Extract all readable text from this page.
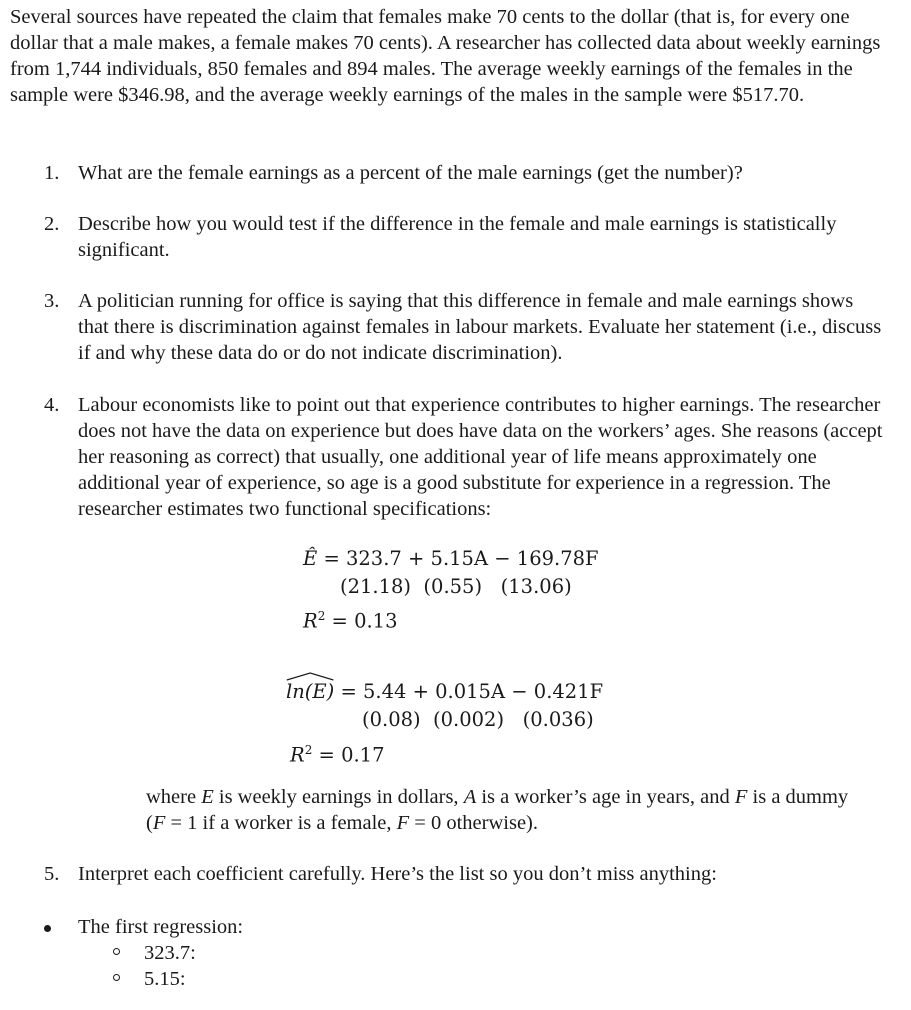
Several sources have repeated the claim that females make 70 cents to the dollar (that is, for every one dollar that a male makes, a female makes 70 cents). A researcher has collected data about weekly earnings from 1,744 individuals, 850 females and 894 males. The average weekly earnings of the females in the sample were $346.98, and the average weekly earnings of the males in the sample were $517.70.

1. What are the female earnings as a percent of the male earnings (get the number)?
2. Describe how you would test if the difference in the female and male earnings is statistically significant.
3. A politician running for office is saying that this difference in female and male earnings shows that there is discrimination against females in labour markets. Evaluate her statement (i.e., discuss if and why these data do or do not indicate discrimination).
4. Labour economists like to point out that experience contributes to higher earnings. The researcher does not have the data on experience but does have data on the workers’ ages. She reasons (accept her reasoning as correct) that usually, one additional year of life means approximately one additional year of experience, so age is a good substitute for experience in a regression. The researcher estimates two functional specifications:
Ê = 323.7 + 5.15A − 169.78F
(21.18)  (0.55)   (13.06)
$R^2 = 0.13$
ln(E) = 5.44 + 0.015A − 0.421F
(0.08)  (0.002)   (0.036)
$R^2 = 0.17$

where E is weekly earnings in dollars, A is a worker’s age in years, and F is a dummy (F = 1 if a worker is a female, F = 0 otherwise).

5. Interpret each coefficient carefully. Here’s the list so you don’t miss anything:
The first regression:
323.7:
5.15:
